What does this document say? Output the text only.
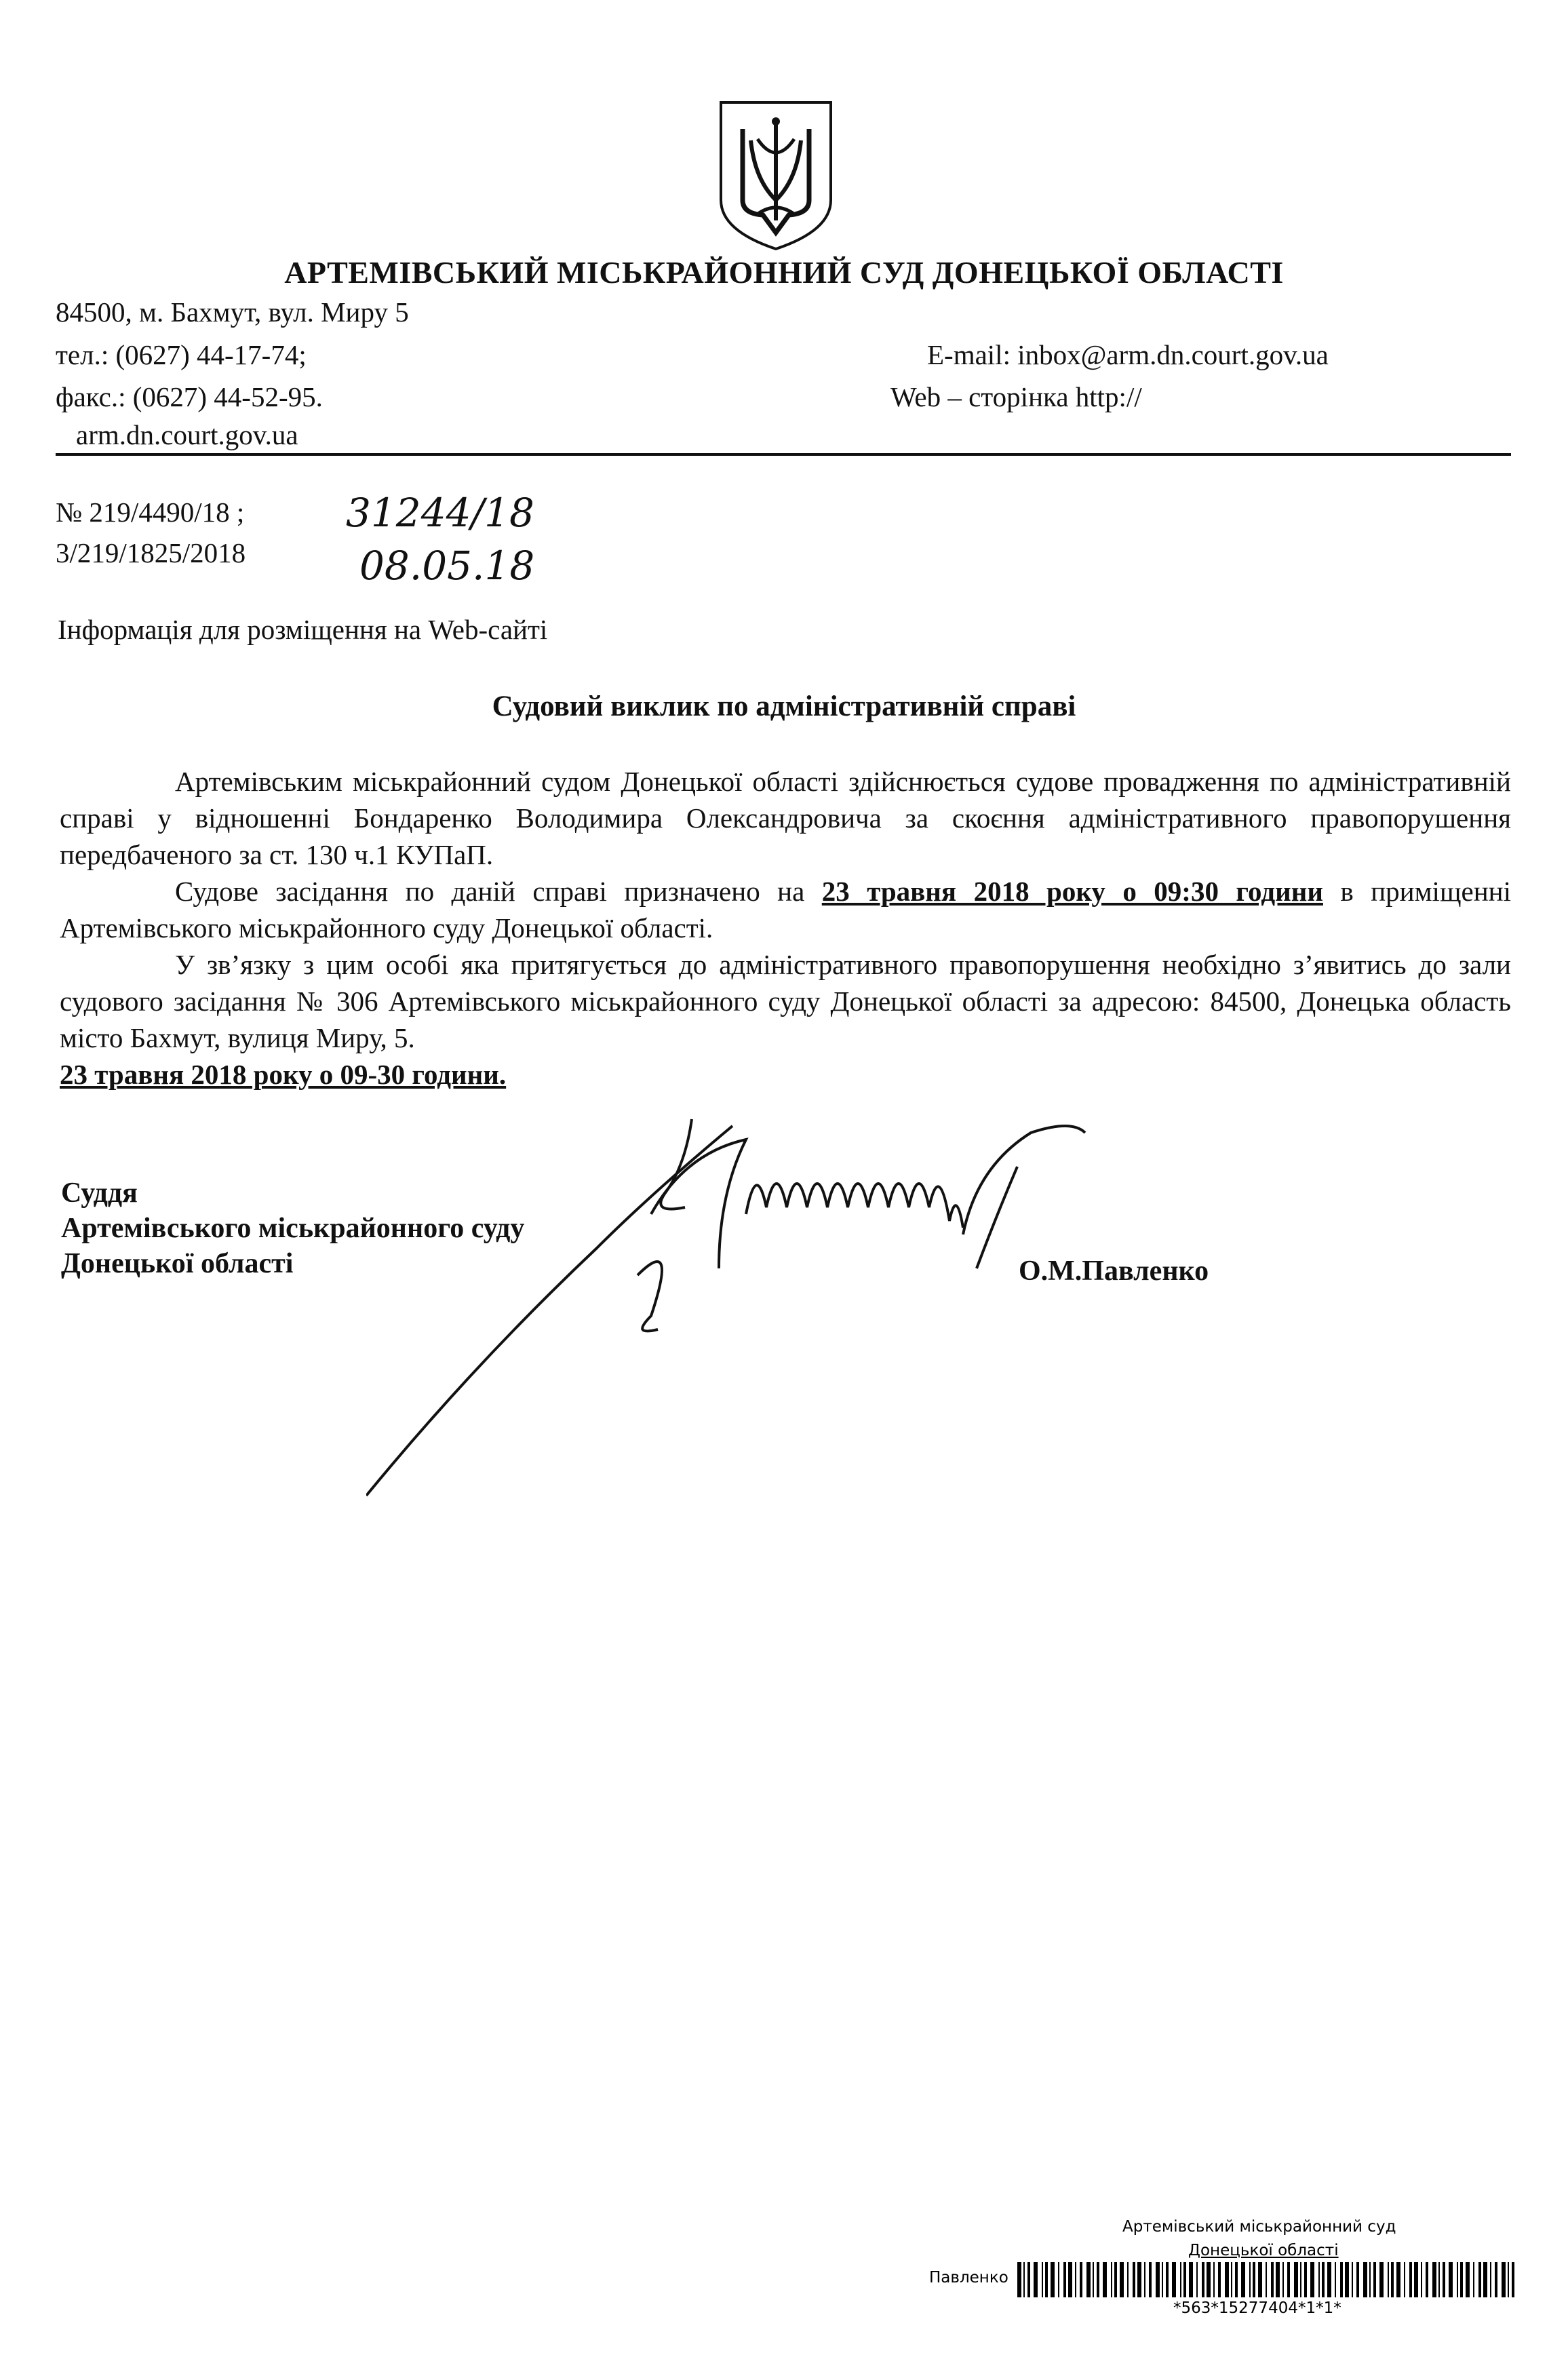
АРТЕМІВСЬКИЙ МІСЬКРАЙОННИЙ СУД ДОНЕЦЬКОЇ ОБЛАСТІ
84500, м. Бахмут, вул. Миру 5
тел.: (0627) 44-17-74;
факс.: (0627) 44-52-95.
arm.dn.court.gov.ua
E-mail: inbox@arm.dn.court.gov.ua
Web – сторінка http://
№ 219/4490/18 ;
3/219/1825/2018
31244/18
08.05.18
Інформація для розміщення на Web-сайті
Судовий виклик по адміністративній справі

Артемівським міськрайонний судом Донецької області здійснюється судове провадження по адміністративній справі у відношенні Бондаренко Володимира Олександровича за скоєння адміністративного правопорушення передбаченого за ст. 130 ч.1 КУПаП.

Судове засідання по даній справі призначено на 23 травня 2018 року о 09:30 години в приміщенні Артемівського міськрайонного суду Донецької області.

У зв’язку з цим особі яка притягується до адміністративного правопорушення необхідно з’явитись до зали судового засідання № 306 Артемівського міськрайонного суду Донецької області за адресою: 84500, Донецька область місто Бахмут, вулиця Миру, 5.

23 травня 2018 року о 09-30 години.

Суддя
Артемівського міськрайонного суду
Донецької області	О.М.Павленко
Артемівський міськрайонний суд
Донецької області
Павленко
*563*15277404*1*1*
